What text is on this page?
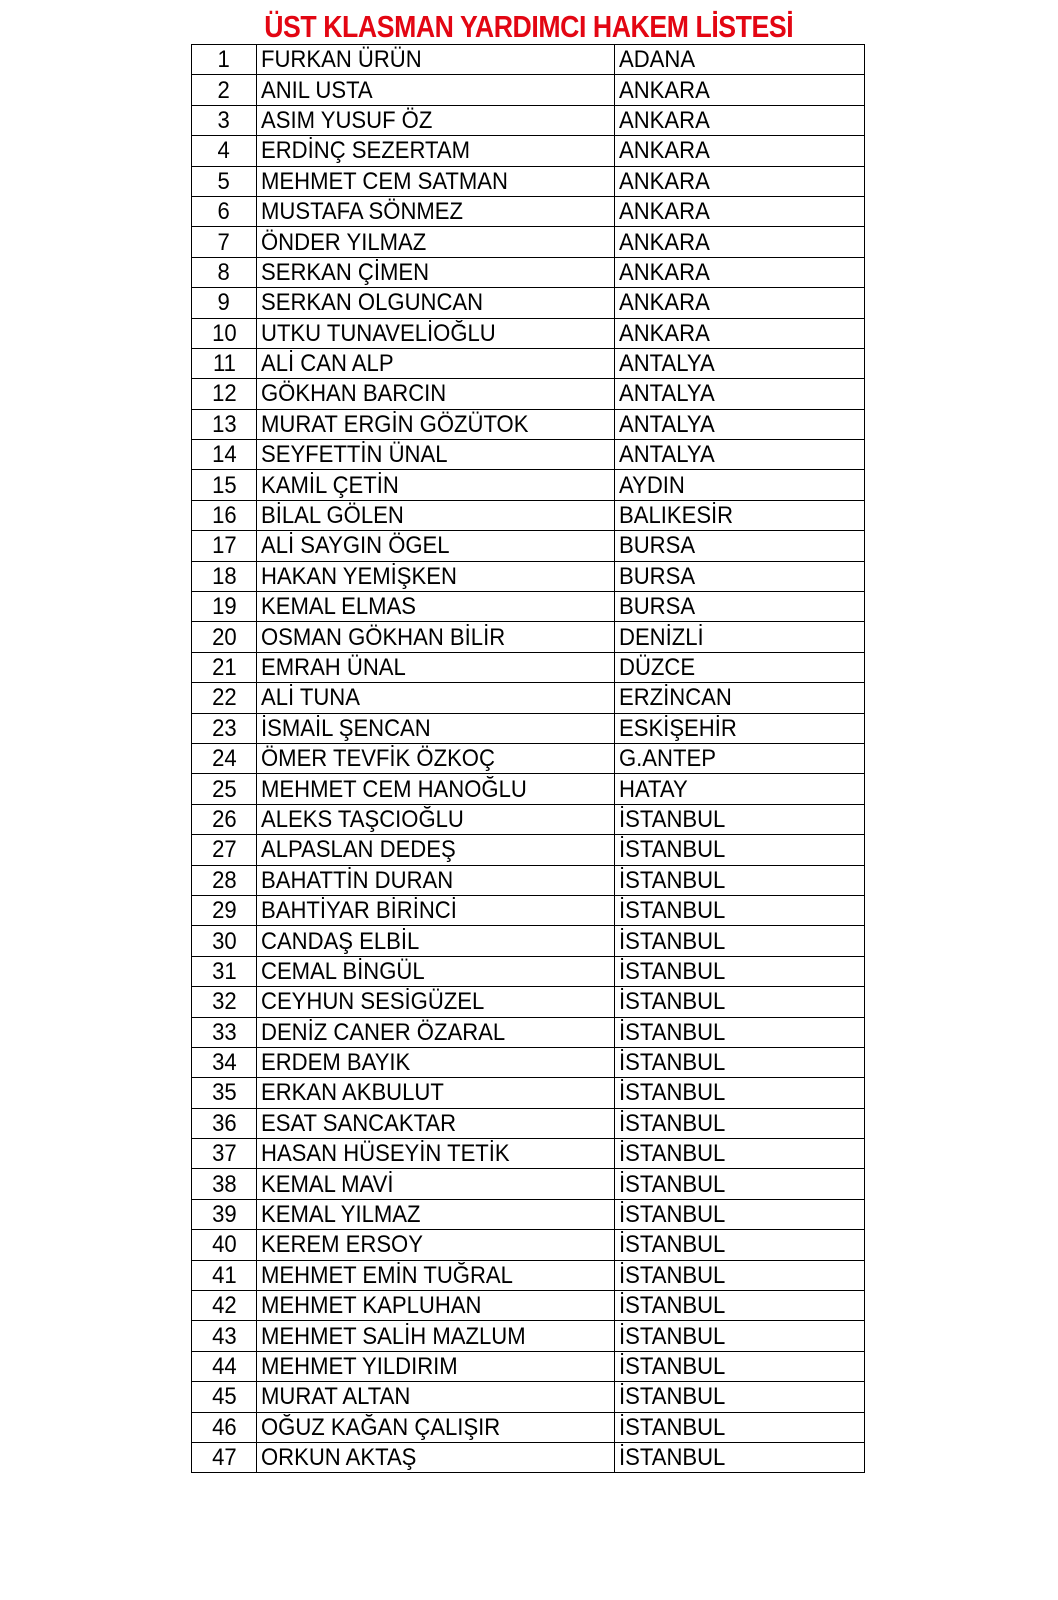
ÜST KLASMAN YARDIMCI HAKEM LİSTESİ
1	FURKAN ÜRÜN	ADANA
2	ANIL USTA	ANKARA
3	ASIM YUSUF ÖZ	ANKARA
4	ERDİNÇ SEZERTAM	ANKARA
5	MEHMET CEM SATMAN	ANKARA
6	MUSTAFA SÖNMEZ	ANKARA
7	ÖNDER YILMAZ	ANKARA
8	SERKAN ÇİMEN	ANKARA
9	SERKAN OLGUNCAN	ANKARA
10	UTKU TUNAVELİOĞLU	ANKARA
11	ALİ CAN ALP	ANTALYA
12	GÖKHAN BARCIN	ANTALYA
13	MURAT ERGİN GÖZÜTOK	ANTALYA
14	SEYFETTİN ÜNAL	ANTALYA
15	KAMİL ÇETİN	AYDIN
16	BİLAL GÖLEN	BALIKESİR
17	ALİ SAYGIN ÖGEL	BURSA
18	HAKAN YEMİŞKEN	BURSA
19	KEMAL ELMAS	BURSA
20	OSMAN GÖKHAN BİLİR	DENİZLİ
21	EMRAH ÜNAL	DÜZCE
22	ALİ TUNA	ERZİNCAN
23	İSMAİL ŞENCAN	ESKİŞEHİR
24	ÖMER TEVFİK ÖZKOÇ	G.ANTEP
25	MEHMET CEM HANOĞLU	HATAY
26	ALEKS TAŞCIOĞLU	İSTANBUL
27	ALPASLAN DEDEŞ	İSTANBUL
28	BAHATTİN DURAN	İSTANBUL
29	BAHTİYAR BİRİNCİ	İSTANBUL
30	CANDAŞ ELBİL	İSTANBUL
31	CEMAL BİNGÜL	İSTANBUL
32	CEYHUN SESİGÜZEL	İSTANBUL
33	DENİZ CANER ÖZARAL	İSTANBUL
34	ERDEM BAYIK	İSTANBUL
35	ERKAN AKBULUT	İSTANBUL
36	ESAT SANCAKTAR	İSTANBUL
37	HASAN HÜSEYİN TETİK	İSTANBUL
38	KEMAL MAVİ	İSTANBUL
39	KEMAL YILMAZ	İSTANBUL
40	KEREM ERSOY	İSTANBUL
41	MEHMET EMİN TUĞRAL	İSTANBUL
42	MEHMET KAPLUHAN	İSTANBUL
43	MEHMET SALİH MAZLUM	İSTANBUL
44	MEHMET YILDIRIM	İSTANBUL
45	MURAT ALTAN	İSTANBUL
46	OĞUZ KAĞAN ÇALIŞIR	İSTANBUL
47	ORKUN AKTAŞ	İSTANBUL
